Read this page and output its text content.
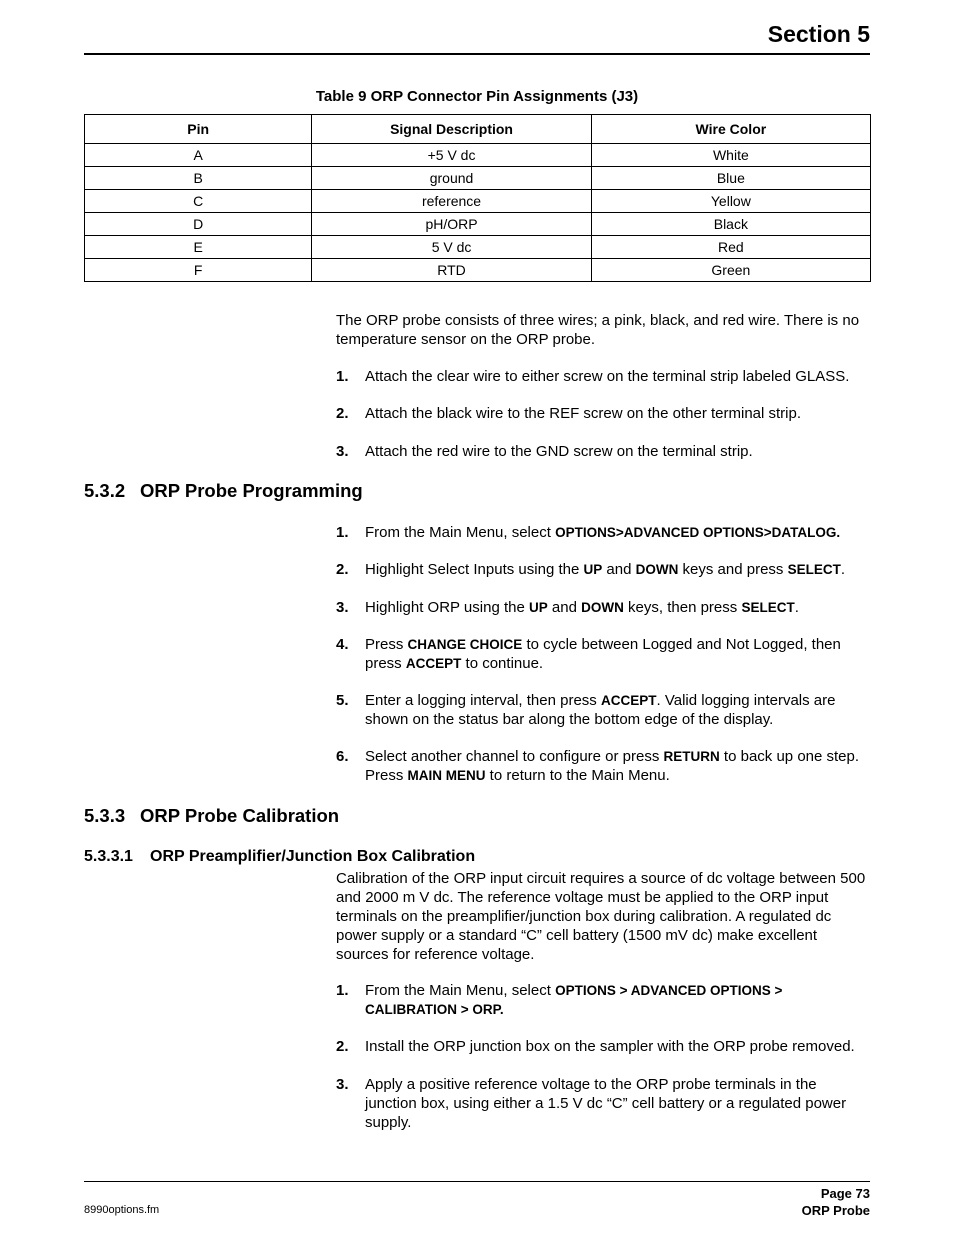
Section 5
Table 9 ORP Connector Pin Assignments (J3)
Pin	Signal Description	Wire Color
A	+5 V dc	White
B	ground	Blue
C	reference	Yellow
D	pH/ORP	Black
E	5 V dc	Red
F	RTD	Green

The ORP probe consists of three wires; a pink, black, and red wire. There is no temperature sensor on the ORP probe.

1. Attach the clear wire to either screw on the terminal strip labeled GLASS.
2. Attach the black wire to the REF screw on the other terminal strip.
3. Attach the red wire to the GND screw on the terminal strip.
5.3.2 ORP Probe Programming
1. From the Main Menu, select OPTIONS>ADVANCED OPTIONS>DATALOG.
2. Highlight Select Inputs using the UP and DOWN keys and press SELECT.
3. Highlight ORP using the UP and DOWN keys, then press SELECT.
4. Press CHANGE CHOICE to cycle between Logged and Not Logged, then press ACCEPT to continue.
5. Enter a logging interval, then press ACCEPT. Valid logging intervals are shown on the status bar along the bottom edge of the display.
6. Select another channel to configure or press RETURN to back up one step. Press MAIN MENU to return to the Main Menu.
5.3.3 ORP Probe Calibration
5.3.3.1 ORP Preamplifier/Junction Box Calibration

Calibration of the ORP input circuit requires a source of dc voltage between 500 and 2000 m V dc. The reference voltage must be applied to the ORP input terminals on the preamplifier/junction box during calibration. A regulated dc power supply or a standard “C” cell battery (1500 mV dc) make excellent sources for reference voltage.

1. From the Main Menu, select OPTIONS > ADVANCED OPTIONS > CALIBRATION > ORP.
2. Install the ORP junction box on the sampler with the ORP probe removed.
3. Apply a positive reference voltage to the ORP probe terminals in the junction box, using either a 1.5 V dc “C” cell battery or a regulated power supply.
8990options.fm
Page 73
ORP Probe
